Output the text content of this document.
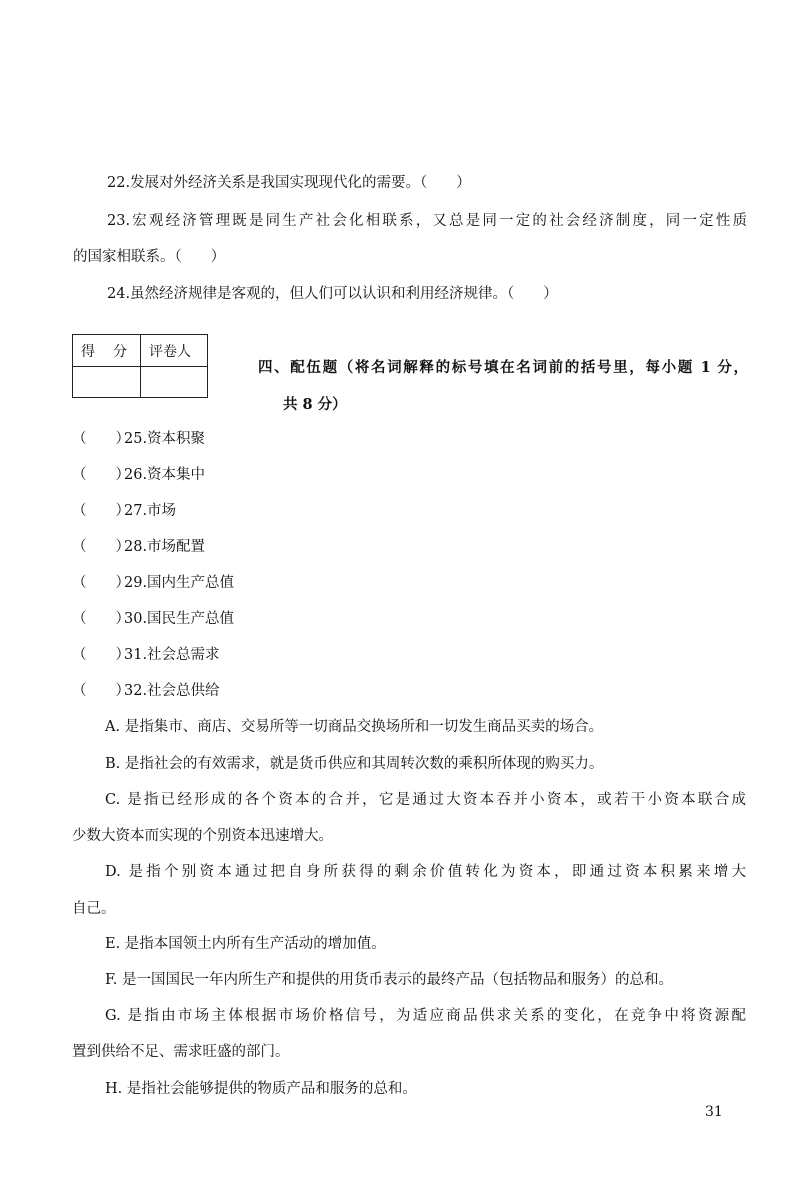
22.发展对外经济关系是我国实现现代化的需要。（　　）
23.宏观经济管理既是同生产社会化相联系，又总是同一定的社会经济制度，同一定性质
的国家相联系。（　　）
24.虽然经济规律是客观的，但人们可以认识和利用经济规律。（　　）
得　分 评卷人
四、配伍题（将名词解释的标号填在名词前的括号里，每小题 1 分，
共 8 分）
（　　）25.资本积聚
（　　）26.资本集中
（　　）27.市场
（　　）28.市场配置
（　　）29.国内生产总值
（　　）30.国民生产总值
（　　）31.社会总需求
（　　）32.社会总供给
A. 是指集市、商店、交易所等一切商品交换场所和一切发生商品买卖的场合。
B. 是指社会的有效需求，就是货币供应和其周转次数的乘积所体现的购买力。
C. 是指已经形成的各个资本的合并，它是通过大资本吞并小资本，或若干小资本联合成
少数大资本而实现的个别资本迅速增大。
D. 是指个别资本通过把自身所获得的剩余价值转化为资本，即通过资本积累来增大
自己。
E. 是指本国领土内所有生产活动的增加值。
F. 是一国国民一年内所生产和提供的用货币表示的最终产品（包括物品和服务）的总和。
G. 是指由市场主体根据市场价格信号，为适应商品供求关系的变化，在竞争中将资源配
置到供给不足、需求旺盛的部门。
H. 是指社会能够提供的物质产品和服务的总和。
31
